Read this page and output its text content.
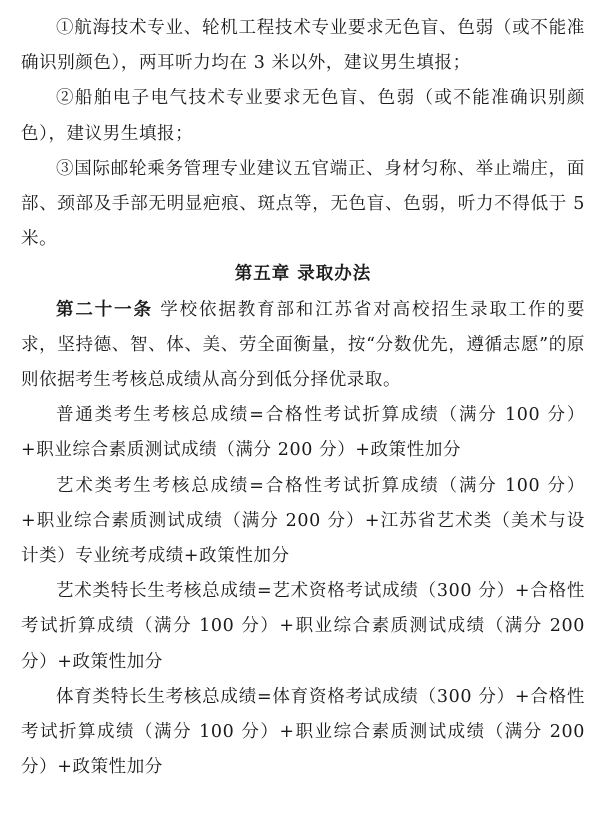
①航海技术专业、轮机工程技术专业要求无色盲、色弱（或不能准确识别颜色），两耳听力均在 3 米以外，建议男生填报；

②船舶电子电气技术专业要求无色盲、色弱（或不能准确识别颜色），建议男生填报；

③国际邮轮乘务管理专业建议五官端正、身材匀称、举止端庄，面部、颈部及手部无明显疤痕、斑点等，无色盲、色弱，听力不得低于 5 米。

第五章 录取办法

第二十一条 学校依据教育部和江苏省对高校招生录取工作的要求，坚持德、智、体、美、劳全面衡量，按“分数优先，遵循志愿”的原则依据考生考核总成绩从高分到低分择优录取。

普通类考生考核总成绩=合格性考试折算成绩（满分 100 分）+职业综合素质测试成绩（满分 200 分）+政策性加分

艺术类考生考核总成绩=合格性考试折算成绩（满分 100 分）+职业综合素质测试成绩（满分 200 分）+江苏省艺术类（美术与设计类）专业统考成绩+政策性加分

艺术类特长生考核总成绩=艺术资格考试成绩（300 分）+合格性考试折算成绩（满分 100 分）+职业综合素质测试成绩（满分 200 分）+政策性加分

体育类特长生考核总成绩=体育资格考试成绩（300 分）+合格性考试折算成绩（满分 100 分）+职业综合素质测试成绩（满分 200 分）+政策性加分
